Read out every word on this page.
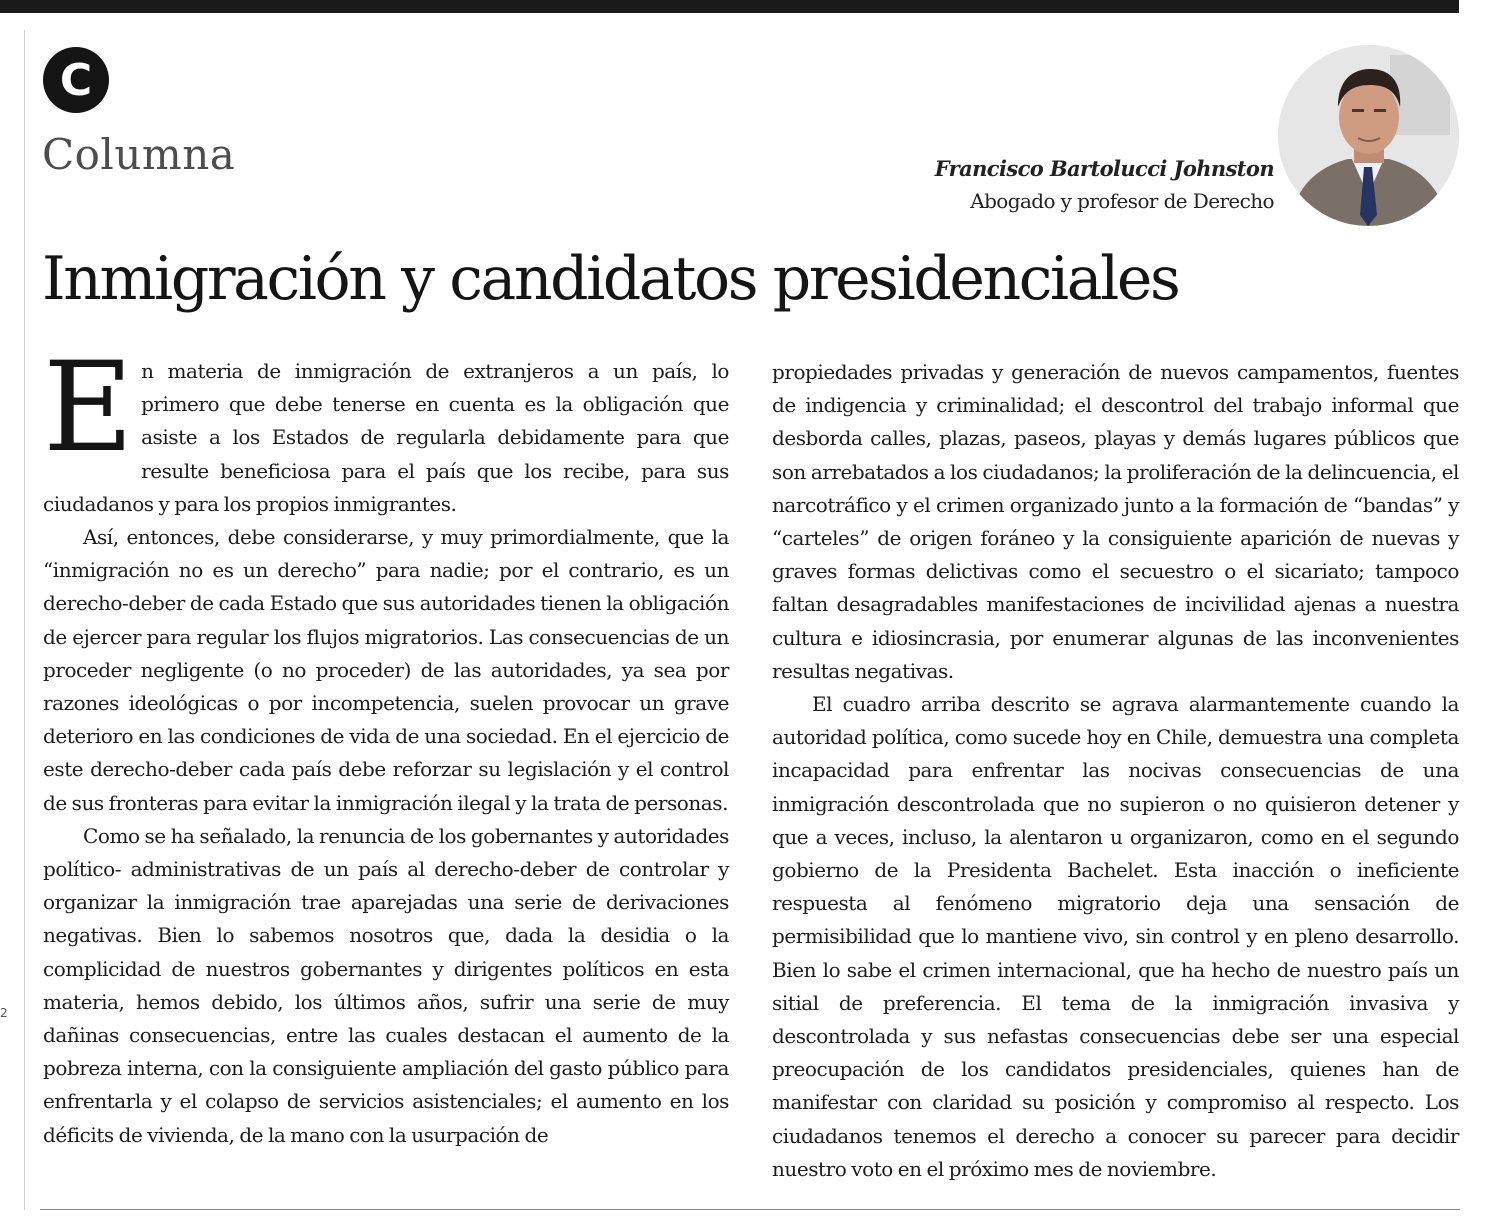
2
C
Columna	Francisco Bartolucci Johnston
Abogado y profesor de Derecho
Inmigración y candidatos presidenciales

En materia de inmigración de extranjeros a un país, lo primero que debe tenerse en cuenta es la obligación que asiste a los Estados de regularla debidamente para que resulte beneficiosa para el país que los recibe, para sus ciudadanos y para los propios inmigrantes.

Así, entonces, debe considerarse, y muy primordialmente, que la “inmigración no es un derecho” para nadie; por el contrario, es un derecho-deber de cada Estado que sus autoridades tienen la obligación de ejercer para regular los flujos migratorios. Las consecuencias de un proceder negligente (o no proceder) de las autoridades, ya sea por razones ideológicas o por incompetencia, suelen provocar un grave deterioro en las condiciones de vida de una sociedad. En el ejercicio de este derecho-deber cada país debe reforzar su legislación y el control de sus fronteras para evitar la inmigración ilegal y la trata de personas.

Como se ha señalado, la renuncia de los gobernantes y autoridades político- administrativas de un país al derecho-deber de controlar y organizar la inmigración trae aparejadas una serie de derivaciones negativas. Bien lo sabemos nosotros que, dada la desidia o la complicidad de nuestros gobernantes y dirigentes políticos en esta materia, hemos debido, los últimos años, sufrir una serie de muy dañinas consecuencias, entre las cuales destacan el aumento de la pobreza interna, con la consiguiente ampliación del gasto público para enfrentarla y el colapso de servicios asistenciales; el aumento en los déficits de vivienda, de la mano con la usurpación de

propiedades privadas y generación de nuevos campamentos, fuentes de indigencia y criminalidad; el descontrol del trabajo informal que desborda calles, plazas, paseos, playas y demás lugares públicos que son arrebatados a los ciudadanos; la proliferación de la delincuencia, el narcotráfico y el crimen organizado junto a la formación de “bandas” y “carteles” de origen foráneo y la consiguiente aparición de nuevas y graves formas delictivas como el secuestro o el sicariato; tampoco faltan desagradables manifestaciones de incivilidad ajenas a nuestra cultura e idiosincrasia, por enumerar algunas de las inconvenientes resultas negativas.

El cuadro arriba descrito se agrava alarmantemente cuando la autoridad política, como sucede hoy en Chile, demuestra una completa incapacidad para enfrentar las nocivas consecuencias de una inmigración descontrolada que no supieron o no quisieron detener y que a veces, incluso, la alentaron u organizaron, como en el segundo gobierno de la Presidenta Bachelet. Esta inacción o ineficiente respuesta al fenómeno migratorio deja una sensación de permisibilidad que lo mantiene vivo, sin control y en pleno desarrollo. Bien lo sabe el crimen internacional, que ha hecho de nuestro país un sitial de preferencia. El tema de la inmigración invasiva y descontrolada y sus nefastas consecuencias debe ser una especial preocupación de los candidatos presidenciales, quienes han de manifestar con claridad su posición y compromiso al respecto. Los ciudadanos tenemos el derecho a conocer su parecer para decidir nuestro voto en el próximo mes de noviembre.
